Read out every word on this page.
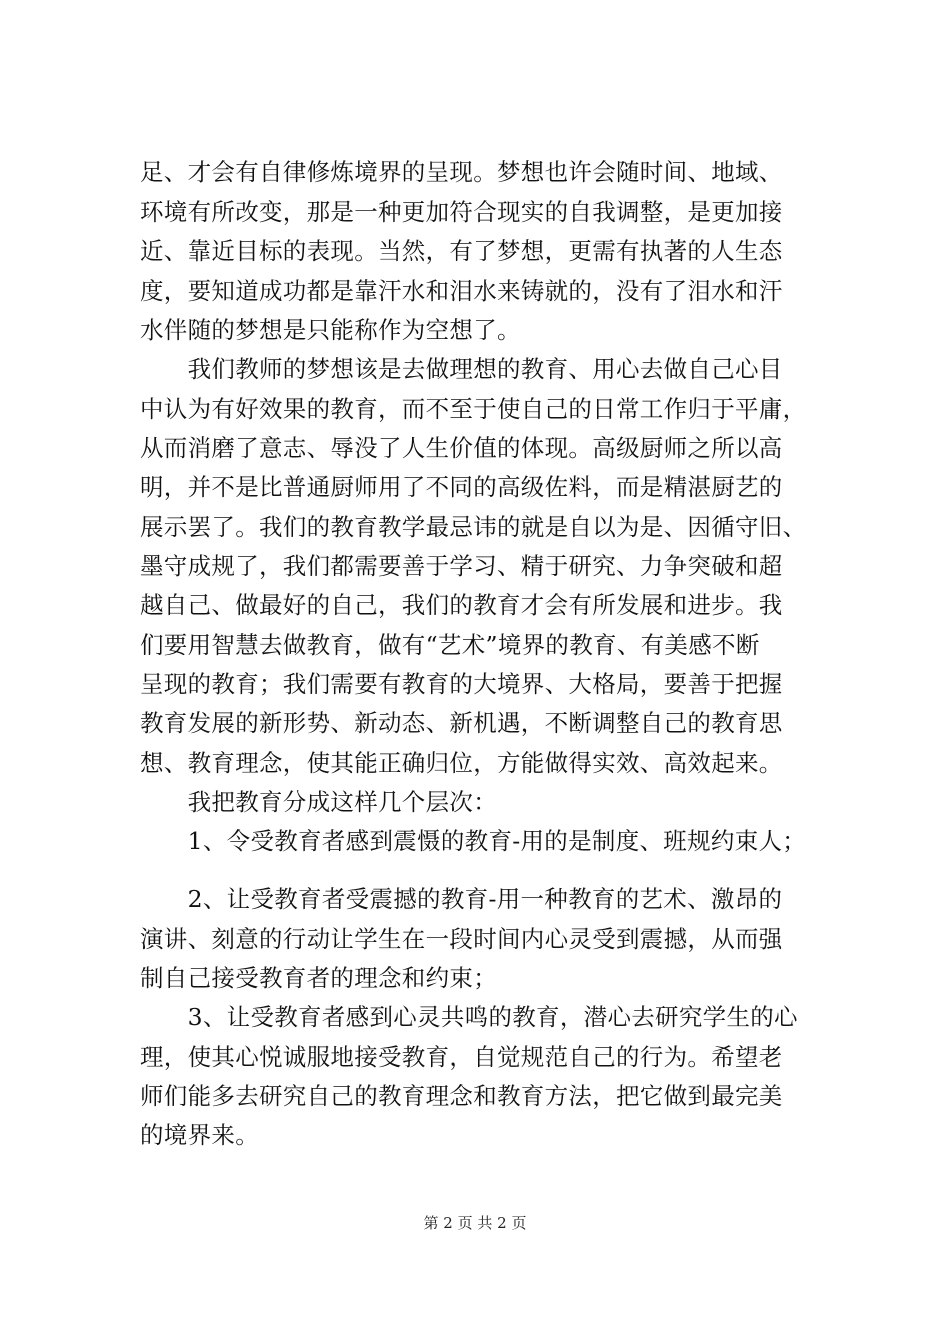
足、才会有自律修炼境界的呈现。梦想也许会随时间、地域、
环境有所改变，那是一种更加符合现实的自我调整，是更加接
近、靠近目标的表现。当然，有了梦想，更需有执著的人生态
度，要知道成功都是靠汗水和泪水来铸就的，没有了泪水和汗
水伴随的梦想是只能称作为空想了。
　　我们教师的梦想该是去做理想的教育、用心去做自己心目
中认为有好效果的教育，而不至于使自己的日常工作归于平庸，
从而消磨了意志、辱没了人生价值的体现。高级厨师之所以高
明，并不是比普通厨师用了不同的高级佐料，而是精湛厨艺的
展示罢了。我们的教育教学最忌讳的就是自以为是、因循守旧、
墨守成规了，我们都需要善于学习、精于研究、力争突破和超
越自己、做最好的自己，我们的教育才会有所发展和进步。我
们要用智慧去做教育，做有“艺术”境界的教育、有美感不断
呈现的教育；我们需要有教育的大境界、大格局，要善于把握
教育发展的新形势、新动态、新机遇，不断调整自己的教育思
想、教育理念，使其能正确归位，方能做得实效、高效起来。
　　我把教育分成这样几个层次：
　　1、令受教育者感到震慑的教育-用的是制度、班规约束人；
　　2、让受教育者受震撼的教育-用一种教育的艺术、激昂的
演讲、刻意的行动让学生在一段时间内心灵受到震撼，从而强
制自己接受教育者的理念和约束；
　　3、让受教育者感到心灵共鸣的教育，潜心去研究学生的心
理，使其心悦诚服地接受教育，自觉规范自己的行为。希望老
师们能多去研究自己的教育理念和教育方法，把它做到最完美
的境界来。
第 2 页 共 2 页
